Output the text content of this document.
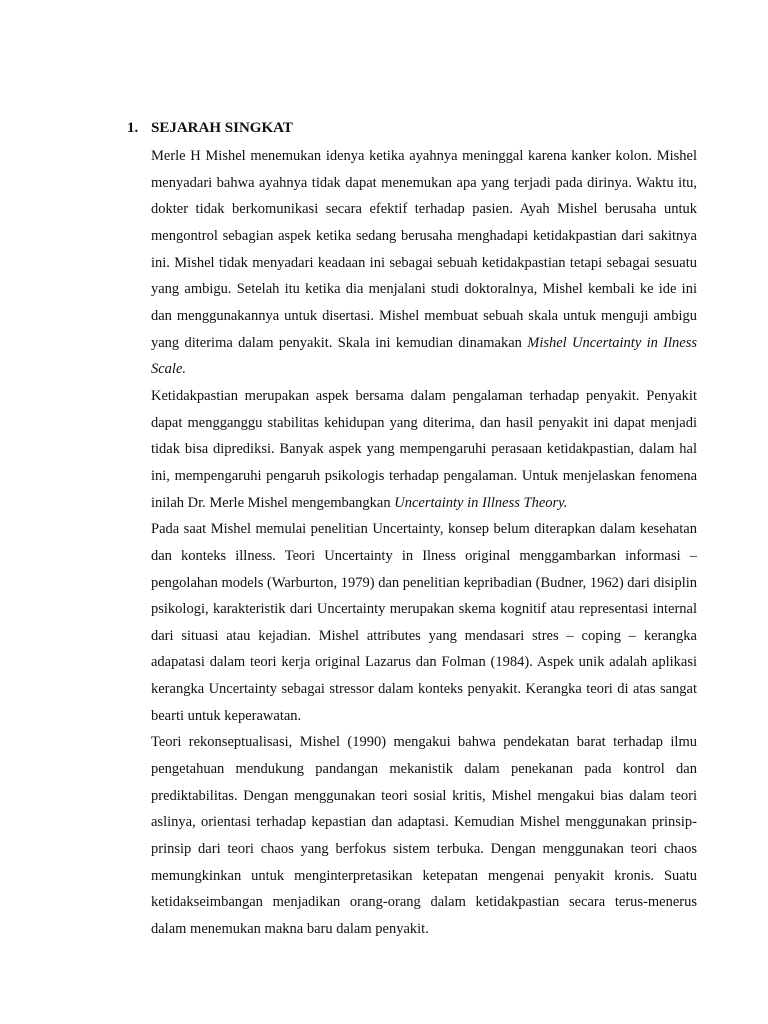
1. SEJARAH SINGKAT

Merle H Mishel menemukan idenya ketika ayahnya meninggal karena kanker kolon. Mishel menyadari bahwa ayahnya tidak dapat menemukan apa yang terjadi pada dirinya. Waktu itu, dokter tidak berkomunikasi secara efektif terhadap pasien. Ayah Mishel berusaha untuk mengontrol sebagian aspek ketika sedang berusaha menghadapi ketidakpastian dari sakitnya ini. Mishel tidak menyadari keadaan ini sebagai sebuah ketidakpastian tetapi sebagai sesuatu yang ambigu. Setelah itu ketika dia menjalani studi doktoralnya, Mishel kembali ke ide ini dan menggunakannya untuk disertasi. Mishel membuat sebuah skala untuk menguji ambigu yang diterima dalam penyakit. Skala ini kemudian dinamakan Mishel Uncertainty in Ilness Scale.

Ketidakpastian merupakan aspek bersama dalam pengalaman terhadap penyakit. Penyakit dapat mengganggu stabilitas kehidupan yang diterima, dan hasil penyakit ini dapat menjadi tidak bisa diprediksi. Banyak aspek yang mempengaruhi perasaan ketidakpastian, dalam hal ini, mempengaruhi pengaruh psikologis terhadap pengalaman. Untuk menjelaskan fenomena inilah Dr. Merle Mishel mengembangkan Uncertainty in Illness Theory.

Pada saat Mishel memulai penelitian Uncertainty, konsep belum diterapkan dalam kesehatan dan konteks illness. Teori Uncertainty in Ilness original menggambarkan informasi – pengolahan models (Warburton, 1979) dan penelitian kepribadian (Budner, 1962) dari disiplin psikologi, karakteristik dari Uncertainty merupakan skema kognitif atau representasi internal dari situasi atau kejadian. Mishel attributes yang mendasari stres – coping – kerangka adapatasi dalam teori kerja original Lazarus dan Folman (1984). Aspek unik adalah aplikasi kerangka Uncertainty sebagai stressor dalam konteks penyakit. Kerangka teori di atas sangat bearti untuk keperawatan.

Teori rekonseptualisasi, Mishel (1990) mengakui bahwa pendekatan barat terhadap ilmu pengetahuan mendukung pandangan mekanistik dalam penekanan pada kontrol dan prediktabilitas. Dengan menggunakan teori sosial kritis, Mishel mengakui bias dalam teori aslinya, orientasi terhadap kepastian dan adaptasi. Kemudian Mishel menggunakan prinsip-prinsip dari teori chaos yang berfokus sistem terbuka. Dengan menggunakan teori chaos memungkinkan untuk menginterpretasikan ketepatan mengenai penyakit kronis. Suatu ketidakseimbangan menjadikan orang-orang dalam ketidakpastian secara terus-menerus dalam menemukan makna baru dalam penyakit.
